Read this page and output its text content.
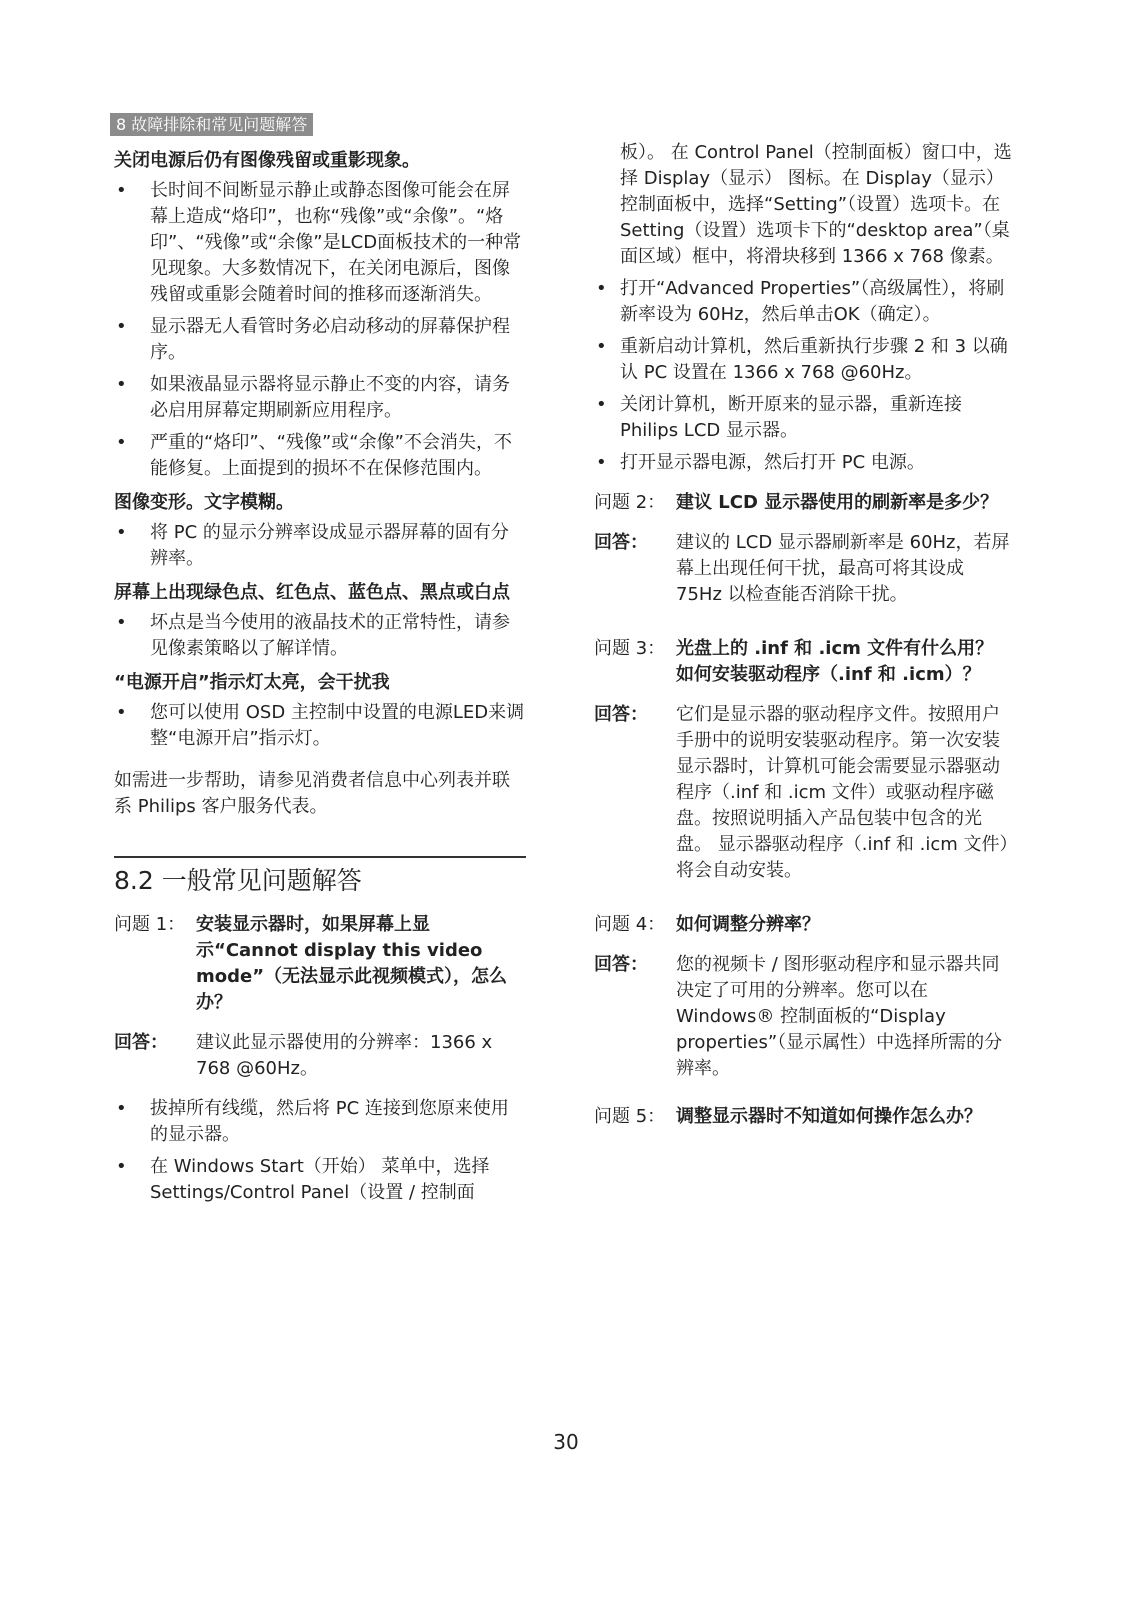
8 故障排除和常见问题解答
关闭电源后仍有图像残留或重影现象。
• 长时间不间断显示静止或静态图像可能会在屏幕上造成“烙印”，也称“残像”或“余像”。“烙印”、“残像”或“余像”是LCD面板技术的一种常见现象。大多数情况下，在关闭电源后，图像残留或重影会随着时间的推移而逐渐消失。
• 显示器无人看管时务必启动移动的屏幕保护程序。
• 如果液晶显示器将显示静止不变的内容，请务必启用屏幕定期刷新应用程序。
• 严重的“烙印”、“残像”或“余像”不会消失，不能修复。上面提到的损坏不在保修范围内。
图像变形。文字模糊。
• 将 PC 的显示分辨率设成显示器屏幕的固有分辨率。
屏幕上出现绿色点、红色点、蓝色点、黑点或白点
• 坏点是当今使用的液晶技术的正常特性，请参见像素策略以了解详情。
“电源开启”指示灯太亮，会干扰我
• 您可以使用 OSD 主控制中设置的电源LED来调整“电源开启”指示灯。
如需进一步帮助，请参见消费者信息中心列表并联系 Philips 客户服务代表。
8.2 一般常见问题解答
问题 1： 安装显示器时，如果屏幕上显示“Cannot display this video mode”（无法显示此视频模式），怎么办？
回答：	建议此显示器使用的分辨率：1366 x 768 @60Hz。
• 拔掉所有线缆，然后将 PC 连接到您原来使用的显示器。
• 在 Windows Start（开始） 菜单中，选择 Settings/Control Panel（设置 / 控制面
板）。 在 Control Panel（控制面板）窗口中，选择 Display（显示） 图标。在 Display（显示） 控制面板中，选择“Setting”（设置）选项卡。在 Setting（设置）选项卡下的“desktop area”（桌面区域）框中，将滑块移到 1366 x 768 像素。
• 打开“Advanced Properties”（高级属性），将刷新率设为 60Hz，然后单击OK（确定）。
• 重新启动计算机，然后重新执行步骤 2 和 3 以确认 PC 设置在 1366 x 768 @60Hz。
• 关闭计算机，断开原来的显示器，重新连接 Philips LCD 显示器。
• 打开显示器电源，然后打开 PC 电源。
问题 2： 建议 LCD 显示器使用的刷新率是多少？
回答：	建议的 LCD 显示器刷新率是 60Hz，若屏幕上出现任何干扰，最高可将其设成 75Hz 以检查能否消除干扰。
问题 3： 光盘上的 .inf 和 .icm 文件有什么用？ 如何安装驱动程序（.inf 和 .icm）？
回答：	它们是显示器的驱动程序文件。按照用户手册中的说明安装驱动程序。第一次安装显示器时，计算机可能会需要显示器驱动程序（.inf 和 .icm 文件）或驱动程序磁盘。按照说明插入产品包装中包含的光盘。 显示器驱动程序（.inf 和 .icm 文件）将会自动安装。
问题 4： 如何调整分辨率？
回答：	您的视频卡 / 图形驱动程序和显示器共同决定了可用的分辨率。您可以在 Windows® 控制面板的“Display properties”（显示属性）中选择所需的分辨率。
问题 5： 调整显示器时不知道如何操作怎么办？
30
